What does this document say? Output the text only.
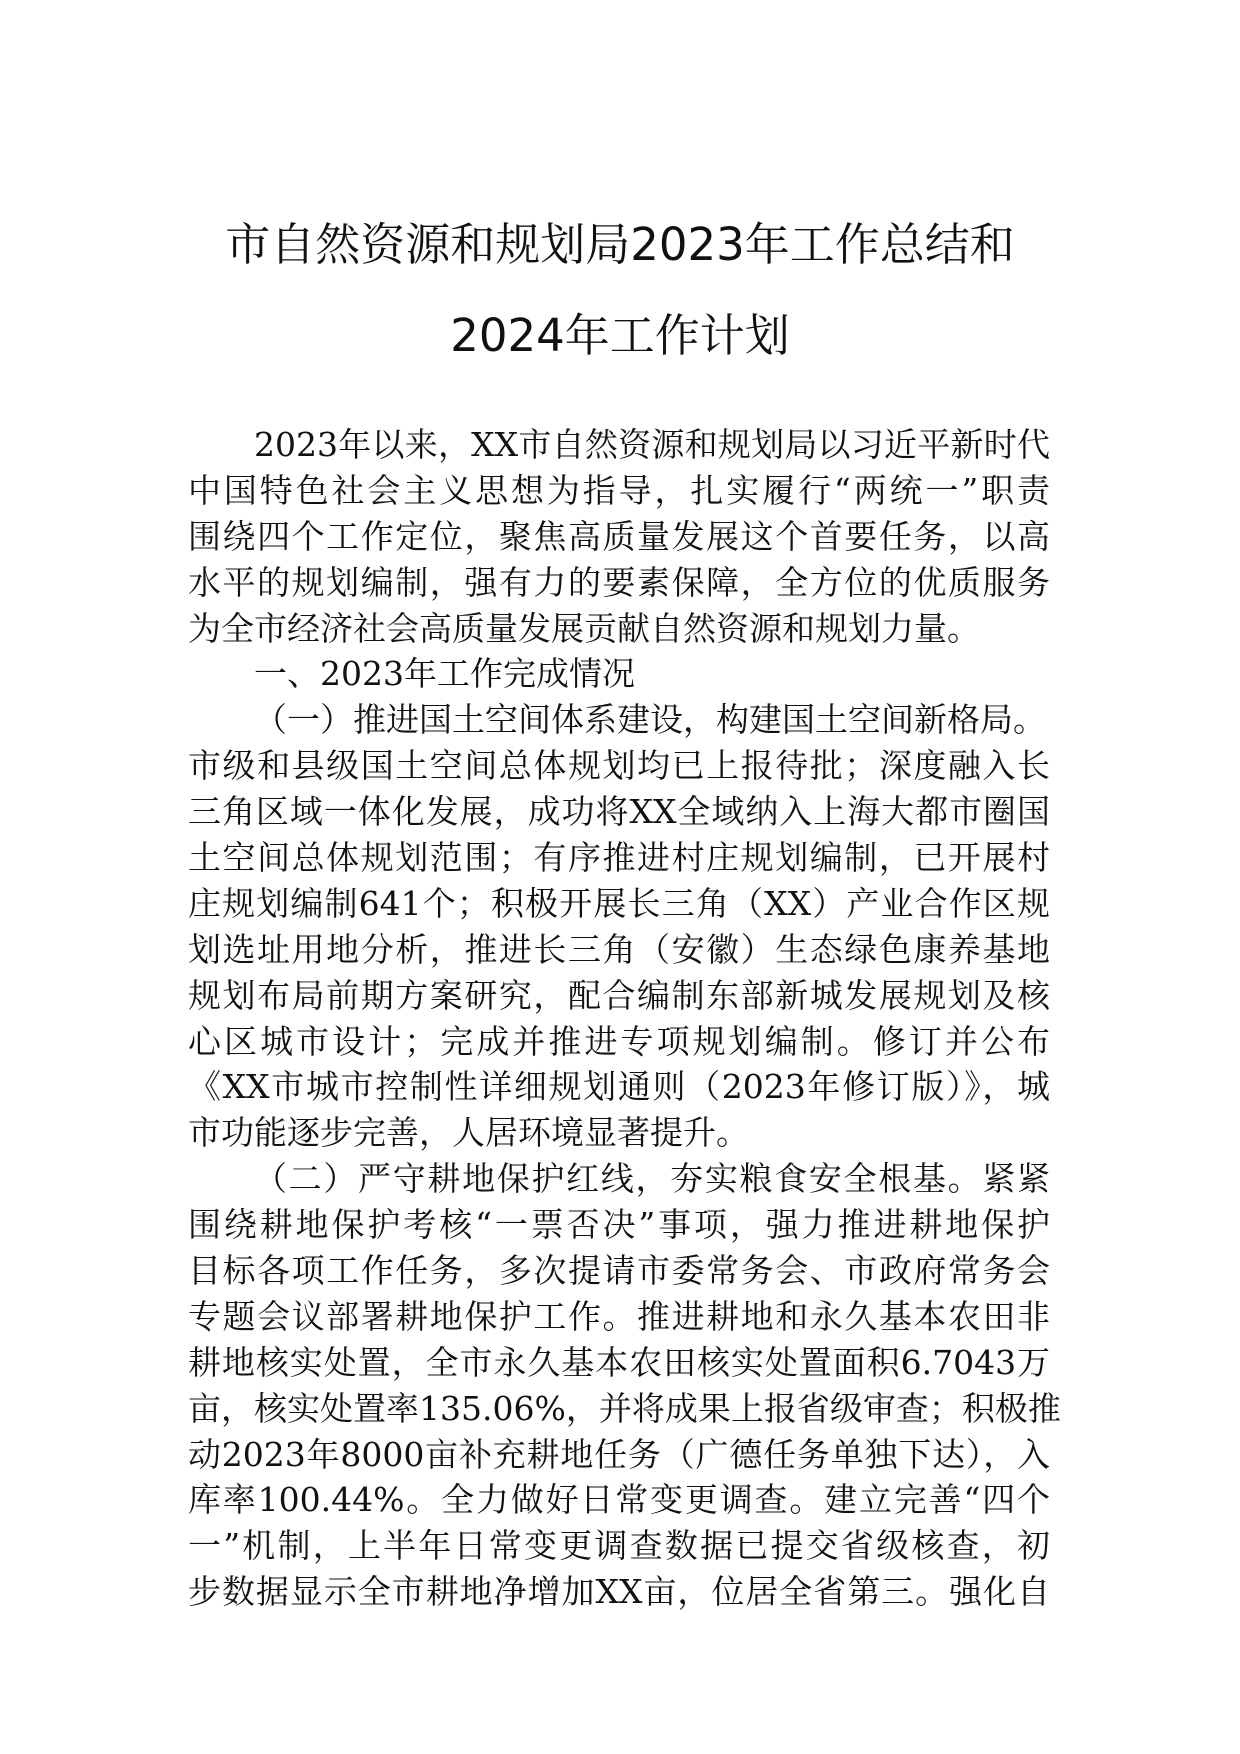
市自然资源和规划局2023年工作总结和
2024年工作计划
2023年以来，XX市自然资源和规划局以习近平新时代
中国特色社会主义思想为指导，扎实履行“两统一”职责
围绕四个工作定位，聚焦高质量发展这个首要任务，以高
水平的规划编制，强有力的要素保障，全方位的优质服务
为全市经济社会高质量发展贡献自然资源和规划力量。
一、2023年工作完成情况
（一）推进国土空间体系建设，构建国土空间新格局。
市级和县级国土空间总体规划均已上报待批；深度融入长
三角区域一体化发展，成功将XX全域纳入上海大都市圈国
土空间总体规划范围；有序推进村庄规划编制，已开展村
庄规划编制641个；积极开展长三角（XX）产业合作区规
划选址用地分析，推进长三角（安徽）生态绿色康养基地
规划布局前期方案研究，配合编制东部新城发展规划及核
心区城市设计；完成并推进专项规划编制。修订并公布
《XX市城市控制性详细规划通则（2023年修订版）》，城
市功能逐步完善，人居环境显著提升。
（二）严守耕地保护红线，夯实粮食安全根基。紧紧
围绕耕地保护考核“一票否决”事项，强力推进耕地保护
目标各项工作任务，多次提请市委常务会、市政府常务会
专题会议部署耕地保护工作。推进耕地和永久基本农田非
耕地核实处置，全市永久基本农田核实处置面积6.7043万
亩，核实处置率135.06%，并将成果上报省级审查；积极推
动2023年8000亩补充耕地任务（广德任务单独下达），入
库率100.44%。全力做好日常变更调查。建立完善“四个
一”机制，上半年日常变更调查数据已提交省级核查，初
步数据显示全市耕地净增加XX亩，位居全省第三。强化自
